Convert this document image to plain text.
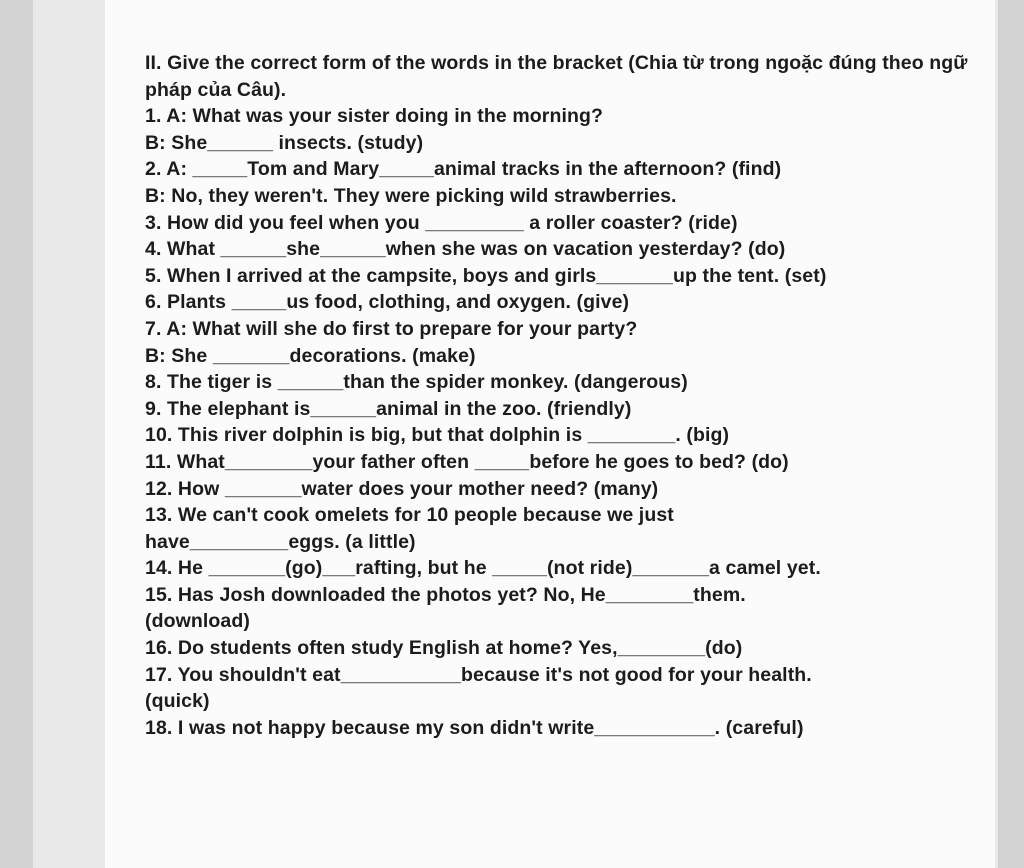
II. Give the correct form of the words in the bracket (Chia từ trong ngoặc đúng theo ngữ pháp của Câu).
1. A: What was your sister doing in the morning?
B: She______ insects. (study)
2. A: _____Tom and Mary_____animal tracks in the afternoon? (find)
B: No, they weren't. They were picking wild strawberries.
3. How did you feel when you _________ a roller coaster? (ride)
4. What ______she______when she was on vacation yesterday? (do)
5. When I arrived at the campsite, boys and girls_______up the tent. (set)
6. Plants _____us food, clothing, and oxygen. (give)
7. A: What will she do first to prepare for your party?
B: She _______decorations. (make)
8. The tiger is ______than the spider monkey. (dangerous)
9. The elephant is______animal in the zoo. (friendly)
10. This river dolphin is big, but that dolphin is ________. (big)
11. What________your father often _____before he goes to bed? (do)
12. How _______water does your mother need? (many)
13. We can't cook omelets for 10 people because we just
have_________eggs. (a little)
14. He _______(go)___rafting, but he _____(not ride)_______a camel yet.
15. Has Josh downloaded the photos yet? No, He________them.
(download)
16. Do students often study English at home? Yes,________(do)
17. You shouldn't eat___________because it's not good for your health.
(quick)
18. I was not happy because my son didn't write___________. (careful)
